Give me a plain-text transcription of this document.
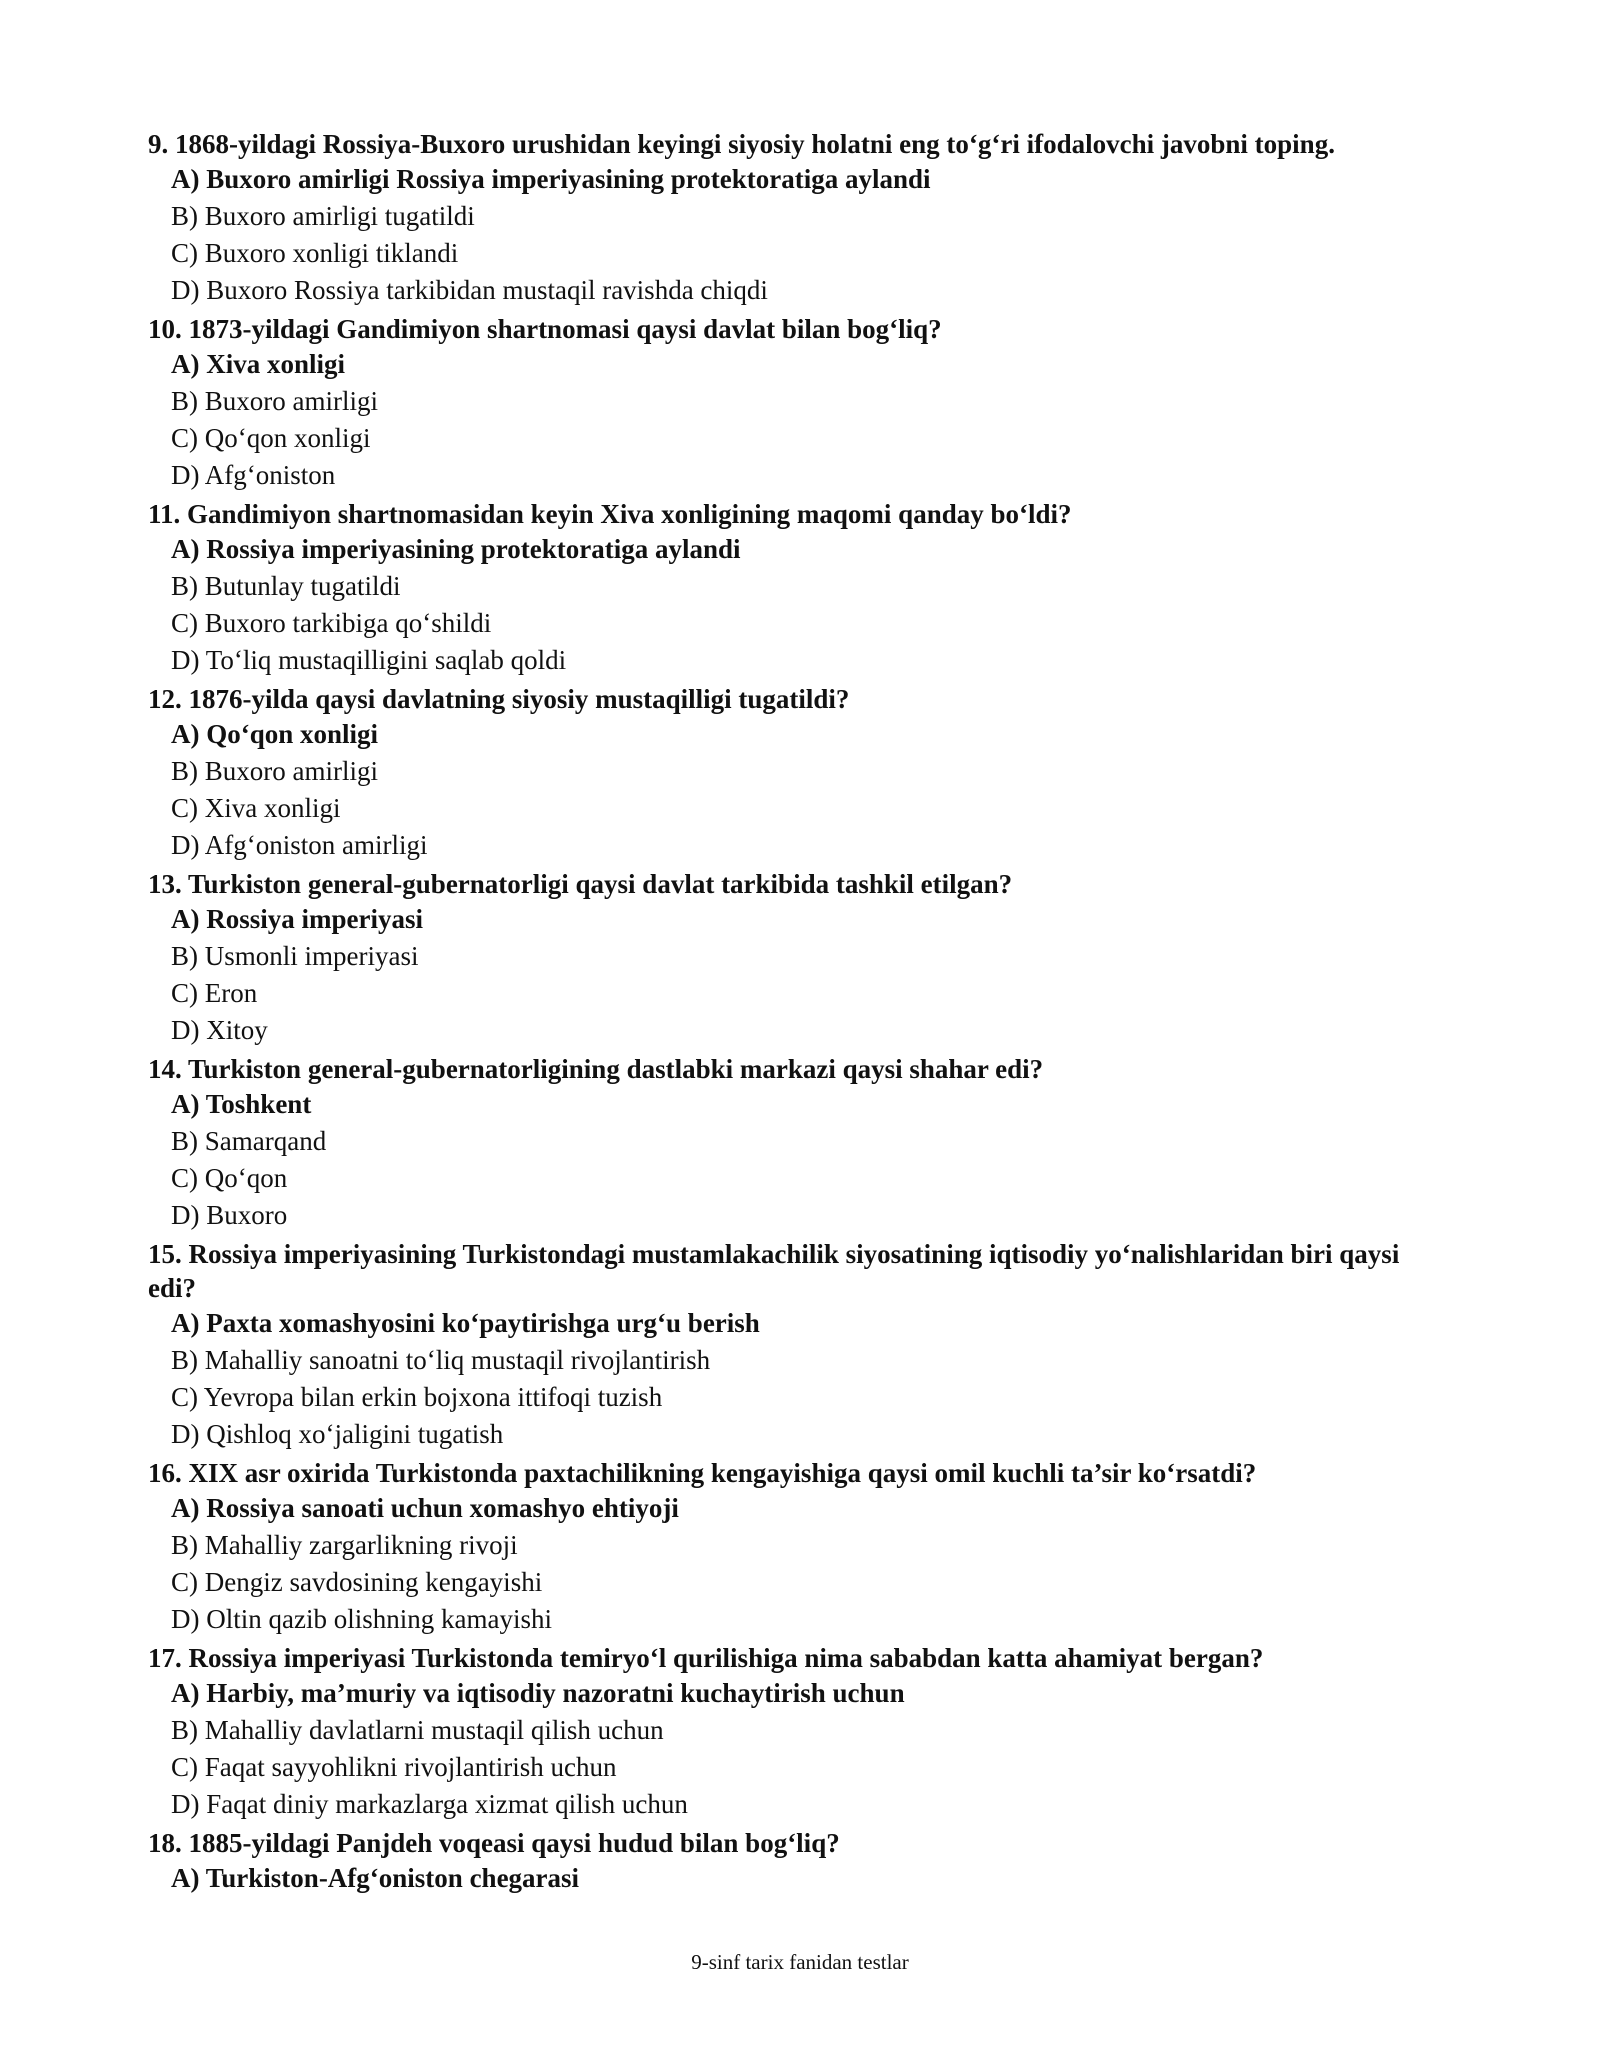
9. 1868-yildagi Rossiya-Buxoro urushidan keyingi siyosiy holatni eng to‘g‘ri ifodalovchi javobni toping.

A) Buxoro amirligi Rossiya imperiyasining protektoratiga aylandi

B) Buxoro amirligi tugatildi

C) Buxoro xonligi tiklandi

D) Buxoro Rossiya tarkibidan mustaqil ravishda chiqdi

10. 1873-yildagi Gandimiyon shartnomasi qaysi davlat bilan bog‘liq?

A) Xiva xonligi

B) Buxoro amirligi

C) Qo‘qon xonligi

D) Afg‘oniston

11. Gandimiyon shartnomasidan keyin Xiva xonligining maqomi qanday bo‘ldi?

A) Rossiya imperiyasining protektoratiga aylandi

B) Butunlay tugatildi

C) Buxoro tarkibiga qo‘shildi

D) To‘liq mustaqilligini saqlab qoldi

12. 1876-yilda qaysi davlatning siyosiy mustaqilligi tugatildi?

A) Qo‘qon xonligi

B) Buxoro amirligi

C) Xiva xonligi

D) Afg‘oniston amirligi

13. Turkiston general-gubernatorligi qaysi davlat tarkibida tashkil etilgan?

A) Rossiya imperiyasi

B) Usmonli imperiyasi

C) Eron

D) Xitoy

14. Turkiston general-gubernatorligining dastlabki markazi qaysi shahar edi?

A) Toshkent

B) Samarqand

C) Qo‘qon

D) Buxoro

15. Rossiya imperiyasining Turkistondagi mustamlakachilik siyosatining iqtisodiy yo‘nalishlaridan biri qaysi edi?

A) Paxta xomashyosini ko‘paytirishga urg‘u berish

B) Mahalliy sanoatni to‘liq mustaqil rivojlantirish

C) Yevropa bilan erkin bojxona ittifoqi tuzish

D) Qishloq xo‘jaligini tugatish

16. XIX asr oxirida Turkistonda paxtachilikning kengayishiga qaysi omil kuchli ta’sir ko‘rsatdi?

A) Rossiya sanoati uchun xomashyo ehtiyoji

B) Mahalliy zargarlikning rivoji

C) Dengiz savdosining kengayishi

D) Oltin qazib olishning kamayishi

17. Rossiya imperiyasi Turkistonda temiryo‘l qurilishiga nima sababdan katta ahamiyat bergan?

A) Harbiy, ma’muriy va iqtisodiy nazoratni kuchaytirish uchun

B) Mahalliy davlatlarni mustaqil qilish uchun

C) Faqat sayyohlikni rivojlantirish uchun

D) Faqat diniy markazlarga xizmat qilish uchun

18. 1885-yildagi Panjdeh voqeasi qaysi hudud bilan bog‘liq?

A) Turkiston-Afg‘oniston chegarasi

9-sinf tarix fanidan testlar
